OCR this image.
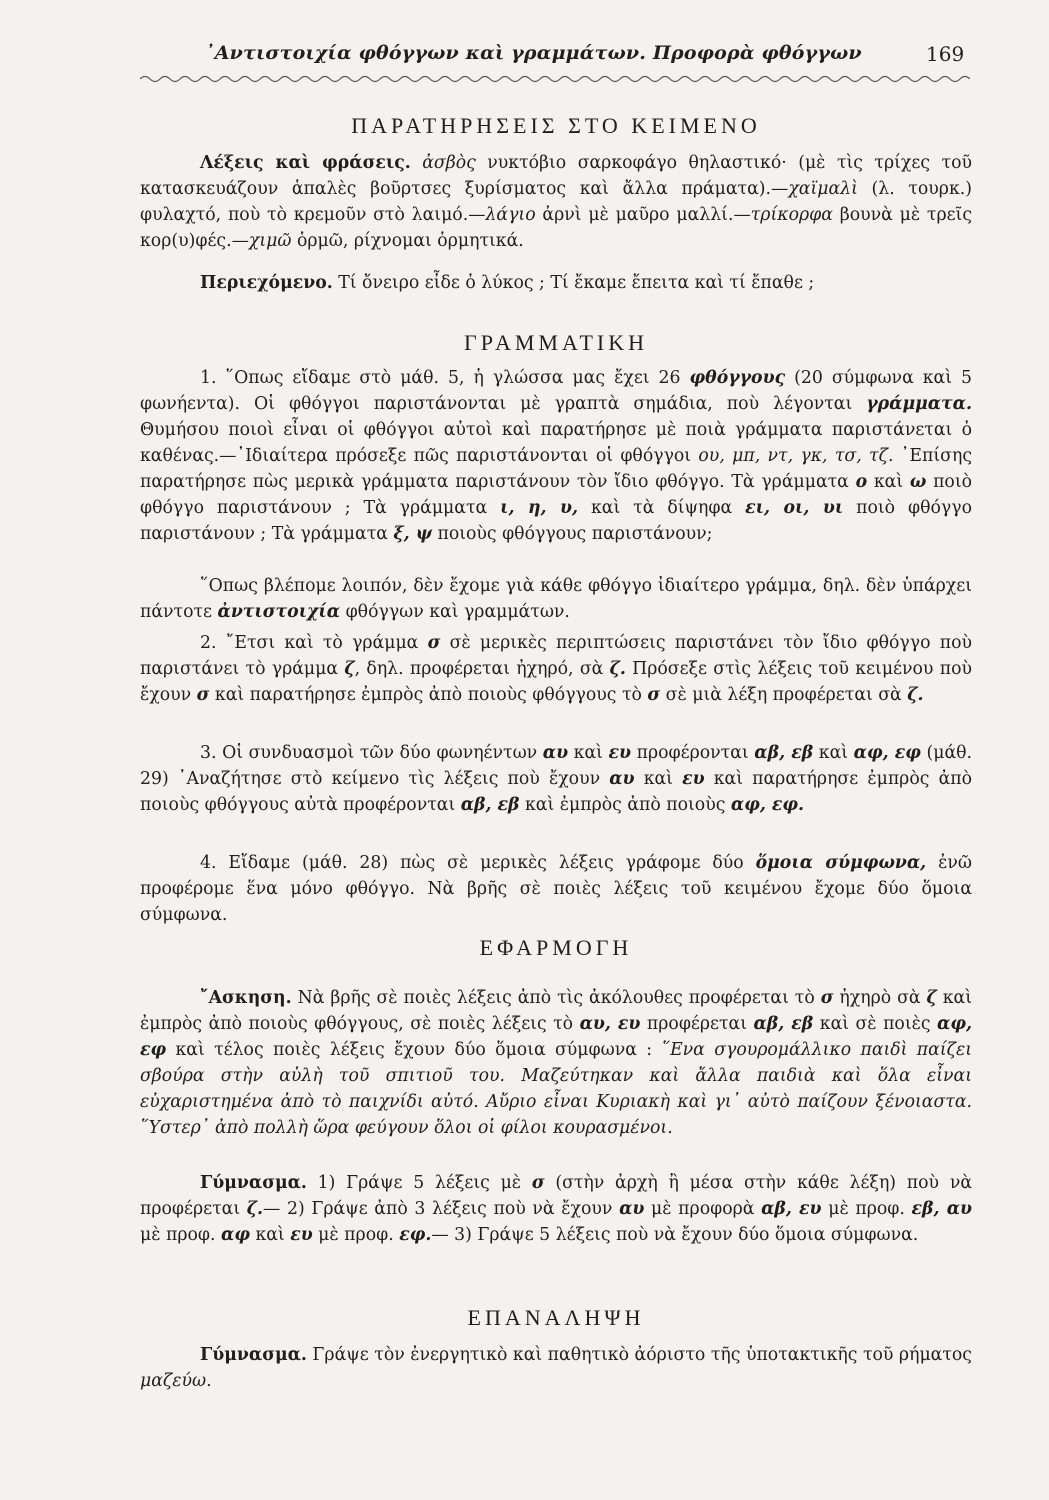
᾽Αντιστοιχία φθόγγων καὶ γραμμάτων. Προφορὰ φθόγγων	169
ΠΑΡΑΤΗΡΗΣΕΙΣ ΣΤΟ ΚΕΙΜΕΝΟ

Λέξεις καὶ φράσεις. ἀσβὸς νυκτόβιο σαρκοφάγο θηλαστικό· (μὲ τὶς τρίχες τοῦ κατασκευάζουν ἁπαλὲς βοῦρτσες ξυρίσματος καὶ ἄλλα πράματα).—χαϊμαλὶ (λ. τουρκ.) φυλαχτό, ποὺ τὸ κρεμοῦν στὸ λαιμό.—λάγιο ἀρνὶ μὲ μαῦρο μαλλί.—τρίκορφα βουνὰ μὲ τρεῖς κορ(υ)φές.—χιμῶ ὁρμῶ, ρίχνομαι ὁρμητικά.

Περιεχόμενο. Τί ὄνειρο εἶδε ὁ λύκος ; Τί ἔκαμε ἔπειτα καὶ τί ἔπαθε ;

ΓΡΑΜΜΑΤΙΚΗ

1. ῞Οπως εἴδαμε στὸ μάθ. 5, ἡ γλώσσα μας ἔχει 26 φθόγγους (20 σύμφωνα καὶ 5 φωνήεντα). Οἱ φθόγγοι παριστάνονται μὲ γραπτὰ σημάδια, ποὺ λέγονται γράμματα. Θυμήσου ποιοὶ εἶναι οἱ φθόγγοι αὐτοὶ καὶ παρατήρησε μὲ ποιὰ γράμματα παριστάνεται ὁ καθένας.—᾽Ιδιαίτερα πρόσεξε πῶς παριστάνονται οἱ φθόγγοι ου, μπ, ντ, γκ, τσ, τζ. ᾽Επίσης παρατήρησε πὼς μερικὰ γράμματα παριστάνουν τὸν ἴδιο φθόγγο. Τὰ γράμματα ο καὶ ω ποιὸ φθόγγο παριστάνουν ; Τὰ γράμματα ι, η, υ, καὶ τὰ δίψηφα ει, οι, υι ποιὸ φθόγγο παριστάνουν ; Τὰ γράμματα ξ, ψ ποιοὺς φθόγγους παριστάνουν;

῞Οπως βλέπομε λοιπόν, δὲν ἔχομε γιὰ κάθε φθόγγο ἰδιαίτερο γράμμα, δηλ. δὲν ὑπάρχει πάντοτε ἀντιστοιχία φθόγγων καὶ γραμμάτων.

2. ῎Ετσι καὶ τὸ γράμμα σ σὲ μερικὲς περιπτώσεις παριστάνει τὸν ἴδιο φθόγγο ποὺ παριστάνει τὸ γράμμα ζ, δηλ. προφέρεται ἠχηρό, σὰ ζ. Πρόσεξε στὶς λέξεις τοῦ κειμένου ποὺ ἔχουν σ καὶ παρατήρησε ἐμπρὸς ἀπὸ ποιοὺς φθόγγους τὸ σ σὲ μιὰ λέξη προφέρεται σὰ ζ.

3. Οἱ συνδυασμοὶ τῶν δύο φωνηέντων αυ καὶ ευ προφέρονται αβ, εβ καὶ αφ, εφ (μάθ. 29) ᾽Αναζήτησε στὸ κείμενο τὶς λέξεις ποὺ ἔχουν αυ καὶ ευ καὶ παρατήρησε ἐμπρὸς ἀπὸ ποιοὺς φθόγγους αὐτὰ προφέρονται αβ, εβ καὶ ἐμπρὸς ἀπὸ ποιοὺς αφ, εφ.

4. Εἴδαμε (μάθ. 28) πὼς σὲ μερικὲς λέξεις γράφομε δύο ὅμοια σύμφωνα, ἐνῶ προφέρομε ἕνα μόνο φθόγγο. Νὰ βρῆς σὲ ποιὲς λέξεις τοῦ κειμένου ἔχομε δύο ὅμοια σύμφωνα.

ΕΦΑΡΜΟΓΗ

῎Ασκηση. Νὰ βρῆς σὲ ποιὲς λέξεις ἀπὸ τὶς ἀκόλουθες προφέρεται τὸ σ ἠχηρὸ σὰ ζ καὶ ἐμπρὸς ἀπὸ ποιοὺς φθόγγους, σὲ ποιὲς λέξεις τὸ αυ, ευ προφέρεται αβ, εβ καὶ σὲ ποιὲς αφ, εφ καὶ τέλος ποιὲς λέξεις ἔχουν δύο ὅμοια σύμφωνα : ῞Ενα σγουρομάλλικο παιδὶ παίζει σβούρα στὴν αὐλὴ τοῦ σπιτιοῦ του. Μαζεύτηκαν καὶ ἄλλα παιδιὰ καὶ ὅλα εἶναι εὐχαριστημένα ἀπὸ τὸ παιχνίδι αὐτό. Αὔριο εἶναι Κυριακὴ καὶ γι᾽ αὐτὸ παίζουν ξένοιαστα. ῞Υστερ᾽ ἀπὸ πολλὴ ὥρα φεύγουν ὅλοι οἱ φίλοι κουρασμένοι.

Γύμνασμα. 1) Γράψε 5 λέξεις μὲ σ (στὴν ἀρχὴ ἢ μέσα στὴν κάθε λέξη) ποὺ νὰ προφέρεται ζ.— 2) Γράψε ἀπὸ 3 λέξεις ποὺ νὰ ἔχουν αυ μὲ προφορὰ αβ, ευ μὲ προφ. εβ, αυ μὲ προφ. αφ καὶ ευ μὲ προφ. εφ.— 3) Γράψε 5 λέξεις ποὺ νὰ ἔχουν δύο ὅμοια σύμφωνα.

ΕΠΑΝΑΛΗΨΗ

Γύμνασμα. Γράψε τὸν ἐνεργητικὸ καὶ παθητικὸ ἀόριστο τῆς ὑποτακτικῆς τοῦ ρήματος μαζεύω.
